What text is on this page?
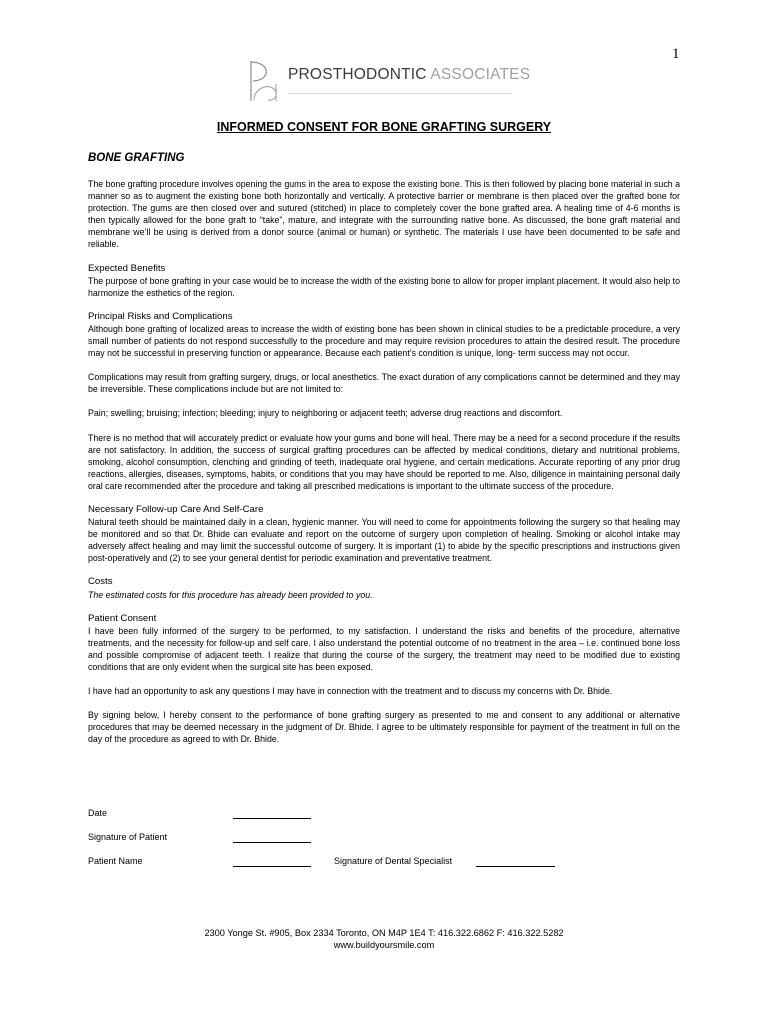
1
PROSTHODONTIC ASSOCIATES
INFORMED CONSENT FOR BONE GRAFTING SURGERY
BONE GRAFTING

The bone grafting procedure involves opening the gums in the area to expose the existing bone. This is then followed by placing bone material in such a manner so as to augment the existing bone both horizontally and vertically. A protective barrier or membrane is then placed over the grafted bone for protection. The gums are then closed over and sutured (stitched) in place to completely cover the bone grafted area. A healing time of 4-6 months is then typically allowed for the bone graft to “take”, mature, and integrate with the surrounding native bone. As discussed, the bone graft material and membrane we’ll be using is derived from a donor source (animal or human) or synthetic. The materials I use have been documented to be safe and reliable.

Expected Benefits

The purpose of bone grafting in your case would be to increase the width of the existing bone to allow for proper implant placement. It would also help to harmonize the esthetics of the region.

Principal Risks and Complications

Although bone grafting of localized areas to increase the width of existing bone has been shown in clinical studies to be a predictable procedure, a very small number of patients do not respond successfully to the procedure and may require revision procedures to attain the desired result. The procedure may not be successful in preserving function or appearance. Because each patient’s condition is unique, long- term success may not occur.

Complications may result from grafting surgery, drugs, or local anesthetics. The exact duration of any complications cannot be determined and they may be irreversible. These complications include but are not limited to:

Pain; swelling; bruising; infection; bleeding; injury to neighboring or adjacent teeth; adverse drug reactions and discomfort.

There is no method that will accurately predict or evaluate how your gums and bone will heal. There may be a need for a second procedure if the results are not satisfactory. In addition, the success of surgical grafting procedures can be affected by medical conditions, dietary and nutritional problems, smoking, alcohol consumption, clenching and grinding of teeth, inadequate oral hygiene, and certain medications. Accurate reporting of any prior drug reactions, allergies, diseases, symptoms, habits, or conditions that you may have should be reported to me. Also, diligence in maintaining personal daily oral care recommended after the procedure and taking all prescribed medications is important to the ultimate success of the procedure.

Necessary Follow-up Care And Self-Care

Natural teeth should be maintained daily in a clean, hygienic manner. You will need to come for appointments following the surgery so that healing may be monitored and so that Dr. Bhide can evaluate and report on the outcome of surgery upon completion of healing. Smoking or alcohol intake may adversely affect healing and may limit the successful outcome of surgery. It is important (1) to abide by the specific prescriptions and instructions given post-operatively and (2) to see your general dentist for periodic examination and preventative treatment.

Costs

The estimated costs for this procedure has already been provided to you.

Patient Consent

I have been fully informed of the surgery to be performed, to my satisfaction. I understand the risks and benefits of the procedure, alternative treatments, and the necessity for follow-up and self care. I also understand the potential outcome of no treatment in the area – i.e. continued bone loss and possible compromise of adjacent teeth. I realize that during the course of the surgery, the treatment may need to be modified due to existing conditions that are only evident when the surgical site has been exposed.

I have had an opportunity to ask any questions I may have in connection with the treatment and to discuss my concerns with Dr. Bhide.

By signing below, I hereby consent to the performance of bone grafting surgery as presented to me and consent to any additional or alternative procedures that may be deemed necessary in the judgment of Dr. Bhide. I agree to be ultimately responsible for payment of the treatment in full on the day of the procedure as agreed to with Dr. Bhide.

Date
Signature of Patient
Patient Name	Signature of Dental Specialist
2300 Yonge St. #905, Box 2334 Toronto, ON M4P 1E4 T: 416.322.6862 F: 416.322.5282
www.buildyoursmile.com
